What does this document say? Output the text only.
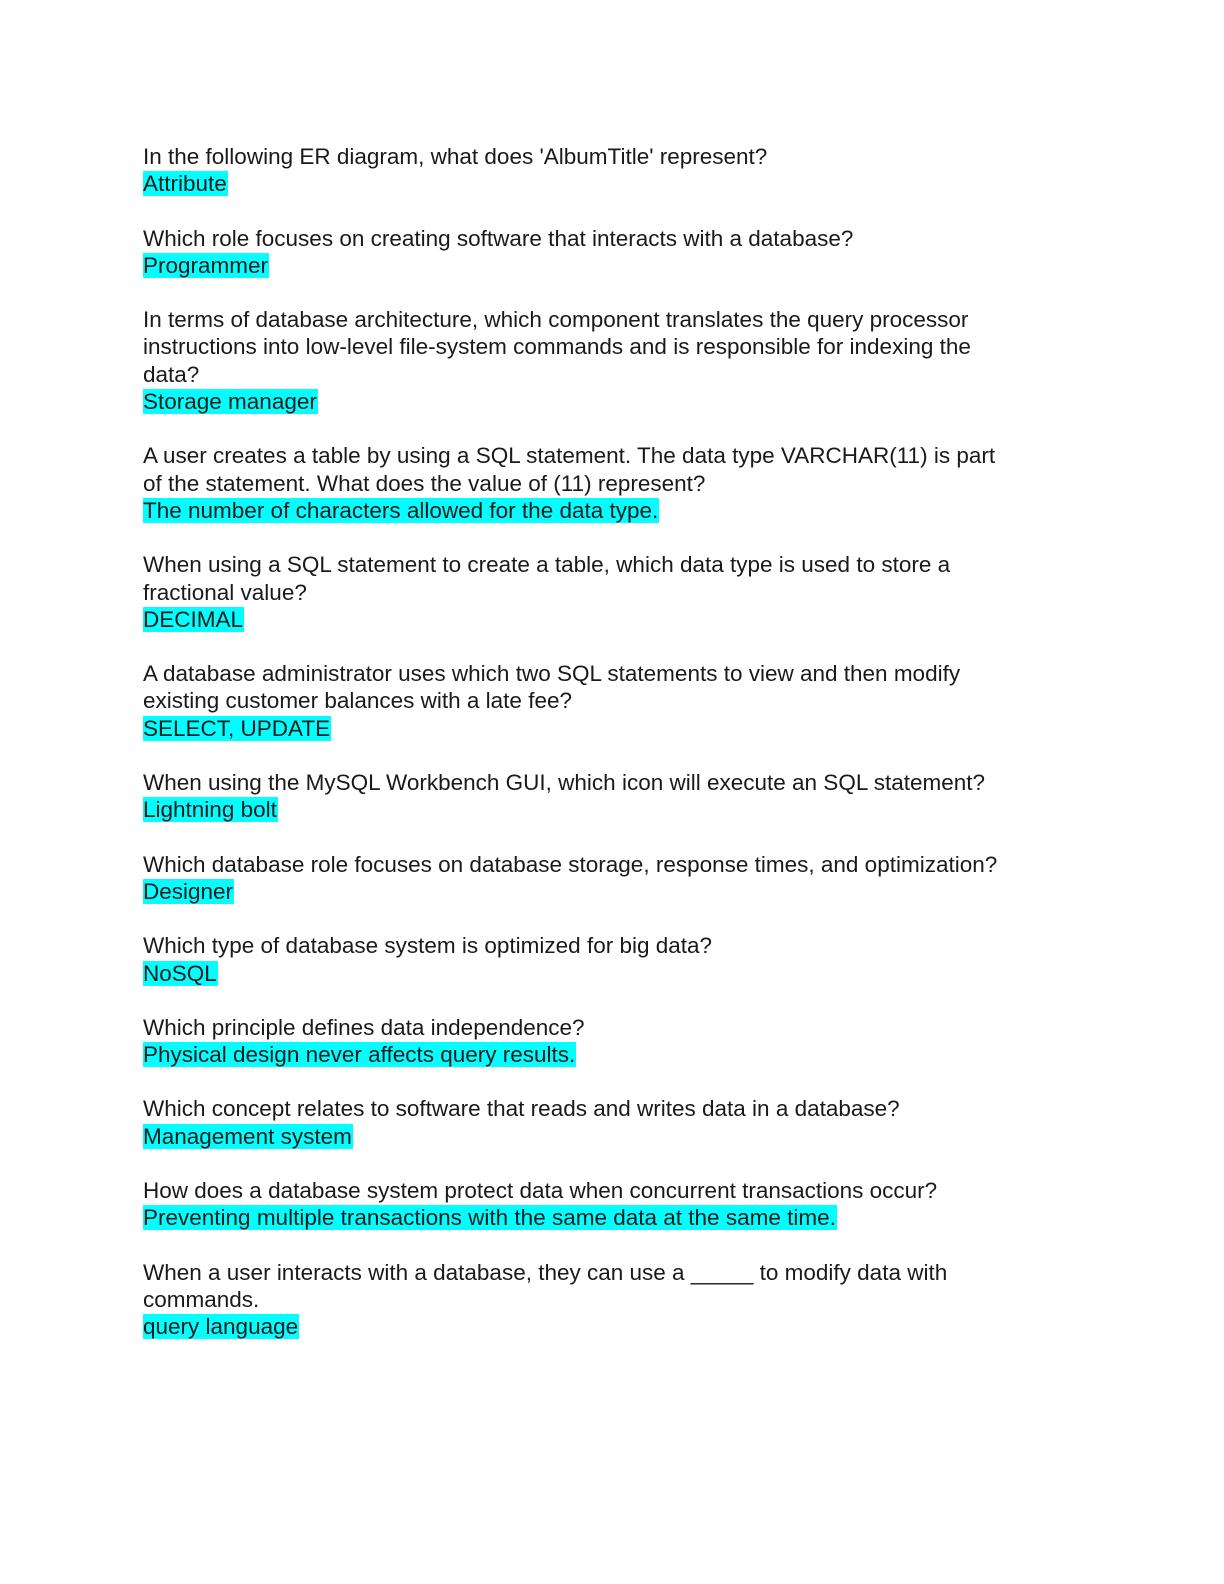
In the following ER diagram, what does 'AlbumTitle' represent?

Attribute

Which role focuses on creating software that interacts with a database?

Programmer

In terms of database architecture, which component translates the query processor
instructions into low-level file-system commands and is responsible for indexing the
data?

Storage manager

A user creates a table by using a SQL statement. The data type VARCHAR(11) is part
of the statement. What does the value of (11) represent?

The number of characters allowed for the data type.

When using a SQL statement to create a table, which data type is used to store a
fractional value?

DECIMAL

A database administrator uses which two SQL statements to view and then modify
existing customer balances with a late fee?

SELECT, UPDATE

When using the MySQL Workbench GUI, which icon will execute an SQL statement?

Lightning bolt

Which database role focuses on database storage, response times, and optimization?

Designer

Which type of database system is optimized for big data?

NoSQL

Which principle defines data independence?

Physical design never affects query results.

Which concept relates to software that reads and writes data in a database?

Management system

How does a database system protect data when concurrent transactions occur?

Preventing multiple transactions with the same data at the same time.

When a user interacts with a database, they can use a _____ to modify data with
commands.

query language
